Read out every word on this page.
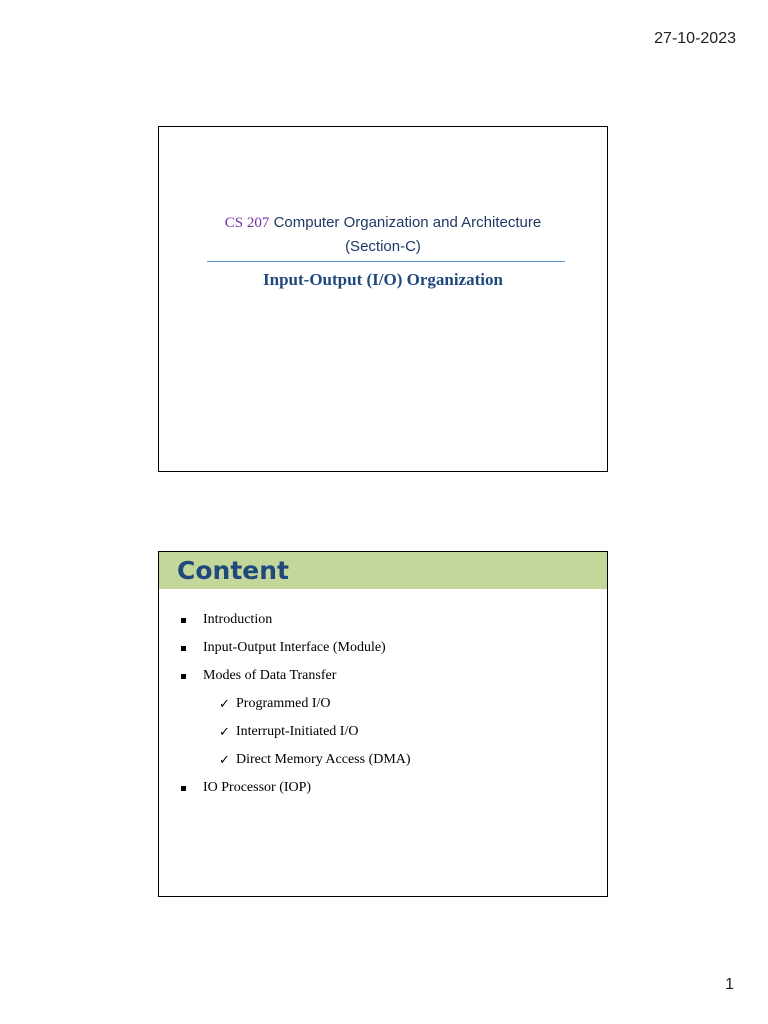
27-10-2023
CS 207 Computer Organization and Architecture
(Section-C)
Input-Output (I/O) Organization
Content
Introduction
Input-Output Interface (Module)
Modes of Data Transfer
✓ Programmed I/O
✓ Interrupt-Initiated I/O
✓ Direct Memory Access (DMA)
IO Processor (IOP)
1
